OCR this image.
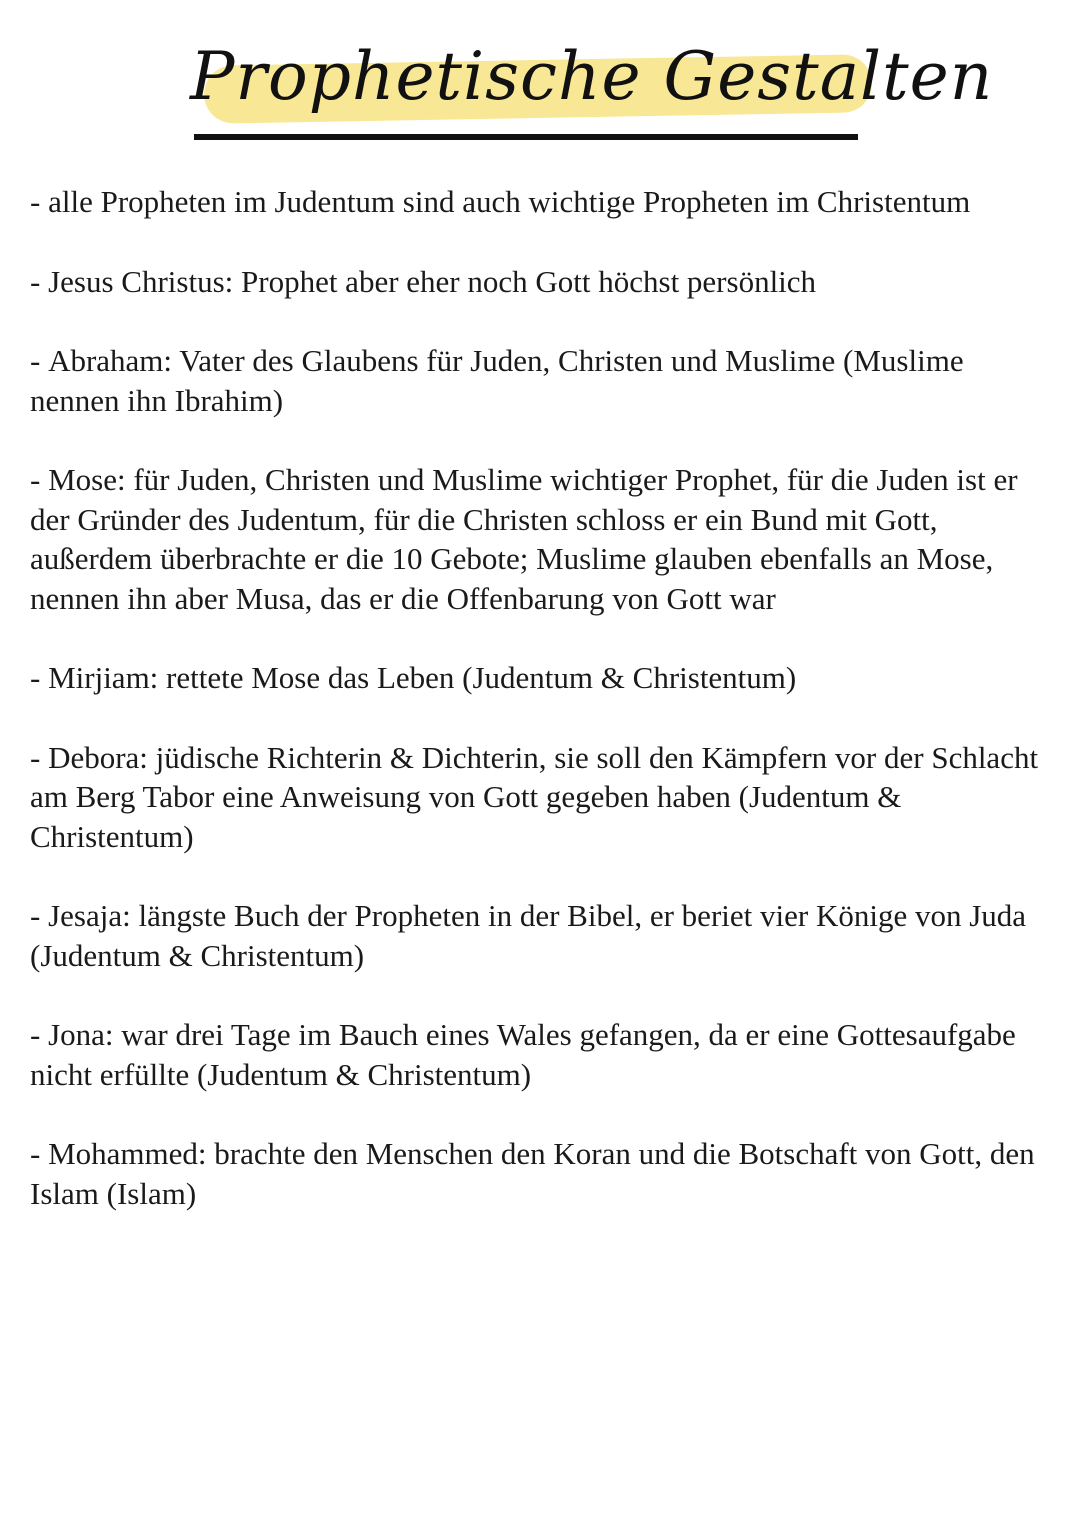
Prophetische Gestalten

- alle Propheten im Judentum sind auch wichtige Propheten im Christentum

-
Jesus Christus: Prophet aber eher noch Gott höchst persönlich

-
Abraham: Vater des Glaubens für Juden, Christen und Muslime (Muslime nennen ihn Ibrahim)

-
Mose: für Juden, Christen und Muslime wichtiger Prophet, für die Juden ist er der Gründer des Judentum, für die Christen schloss er ein Bund mit Gott, außerdem überbrachte er die 10 Gebote; Muslime glauben ebenfalls an Mose, nennen ihn aber Musa, das er die Offenbarung von Gott war

-
Mirjiam: rettete Mose das Leben (Judentum & Christentum)

-
Debora: jüdische Richterin & Dichterin, sie soll den Kämpfern vor der Schlacht am Berg Tabor eine Anweisung von Gott gegeben haben (Judentum & Christentum)

-
Jesaja: längste Buch der Propheten in der Bibel, er beriet vier Könige von Juda (Judentum & Christentum)

-
Jona: war drei Tage im Bauch eines Wales gefangen, da er eine Gottesaufgabe nicht erfüllte (Judentum & Christentum)

-
Mohammed: brachte den Menschen den Koran und die Botschaft von Gott, den Islam (Islam)
